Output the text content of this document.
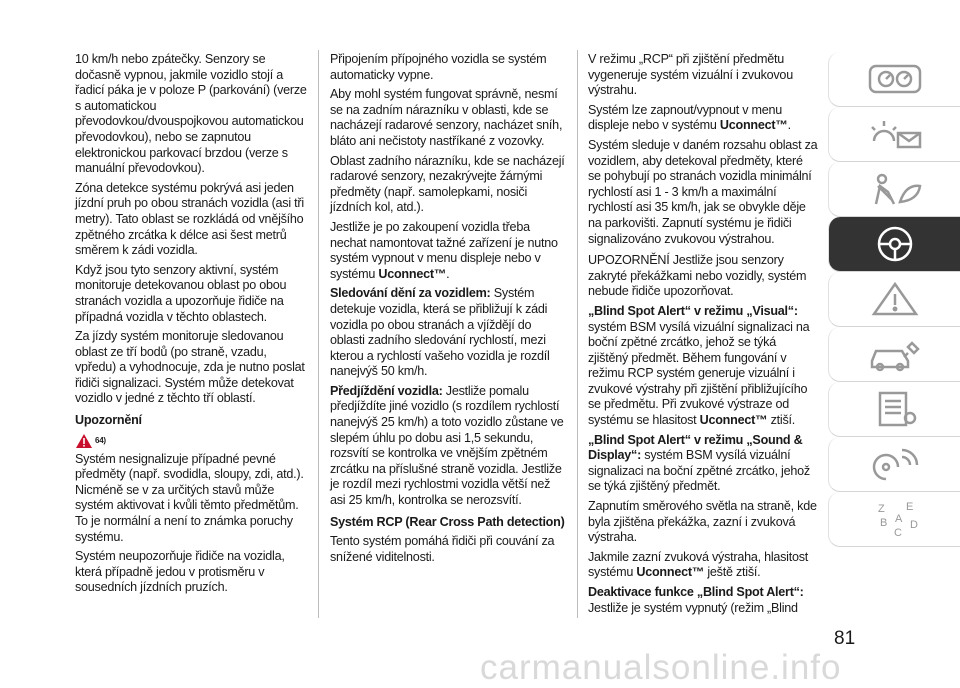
10 km/h nebo zpátečky. Senzory se dočasně vypnou, jakmile vozidlo stojí a řadicí páka je v poloze P (parkování) (verze s automatickou převodovkou/dvouspojkovou automatickou převodovkou), nebo se zapnutou elektronickou parkovací brzdou (verze s manuální převodovkou).

Zóna detekce systému pokrývá asi jeden jízdní pruh po obou stranách vozidla (asi tři metry). Tato oblast se rozkládá od vnějšího zpětného zrcátka k délce asi šest metrů směrem k zádi vozidla.

Když jsou tyto senzory aktivní, systém monitoruje detekovanou oblast po obou stranách vozidla a upozorňuje řidiče na případná vozidla v těchto oblastech.

Za jízdy systém monitoruje sledovanou oblast ze tří bodů (po straně, vzadu, vpředu) a vyhodnocuje, zda je nutno poslat řidiči signalizaci. Systém může detekovat vozidlo v jedné z těchto tří oblastí.

Upozornění

64)

Systém nesignalizuje případné pevné předměty (např. svodidla, sloupy, zdi, atd.). Nicméně se v za určitých stavů může systém aktivovat i kvůli těmto předmětům. To je normální a není to známka poruchy systému.

Systém neupozorňuje řidiče na vozidla, která případně jedou v protisměru v sousedních jízdních pruzích.

Připojením přípojného vozidla se systém automaticky vypne.

Aby mohl systém fungovat správně, nesmí se na zadním nárazníku v oblasti, kde se nacházejí radarové senzory, nacházet sníh, bláto ani nečistoty nastříkané z vozovky.

Oblast zadního nárazníku, kde se nacházejí radarové senzory, nezakrývejte žárnými předměty (např. samolepkami, nosiči jízdních kol, atd.).

Jestliže je po zakoupení vozidla třeba nechat namontovat tažné zařízení je nutno systém vypnout v menu displeje nebo v systému Uconnect™.

Sledování dění za vozidlem: Systém detekuje vozidla, která se přibližují k zádi vozidla po obou stranách a vjíždějí do oblasti zadního sledování rychlostí, mezi kterou a rychlostí vašeho vozidla je rozdíl nanejvýš 50 km/h.

Předjíždění vozidla: Jestliže pomalu předjíždíte jiné vozidlo (s rozdílem rychlostí nanejvýš 25 km/h) a toto vozidlo zůstane ve slepém úhlu po dobu asi 1,5 sekundu, rozsvítí se kontrolka ve vnějším zpětném zrcátku na příslušné straně vozidla. Jestliže je rozdíl mezi rychlostmi vozidla větší než asi 25 km/h, kontrolka se nerozsvítí.

Systém RCP (Rear Cross Path detection)

Tento systém pomáhá řidiči při couvání za snížené viditelnosti.

V režimu „RCP“ při zjištění předmětu vygeneruje systém vizuální i zvukovou výstrahu.

Systém lze zapnout/vypnout v menu displeje nebo v systému Uconnect™.

Systém sleduje v daném rozsahu oblast za vozidlem, aby detekoval předměty, které se pohybují po stranách vozidla minimální rychlostí asi 1 - 3 km/h a maximální rychlostí asi 35 km/h, jak se obvykle děje na parkovišti. Zapnutí systému je řidiči signalizováno zvukovou výstrahou.

UPOZORNĚNÍ Jestliže jsou senzory zakryté překážkami nebo vozidly, systém nebude řidiče upozorňovat.

„Blind Spot Alert“ v režimu „Visual“: systém BSM vysílá vizuální signalizaci na boční zpětné zrcátko, jehož se týká zjištěný předmět. Během fungování v režimu RCP systém generuje vizuální i zvukové výstrahy při zjištění přibližujícího se předmětu. Při zvukové výstraze od systému se hlasitost Uconnect™ ztiší.

„Blind Spot Alert“ v režimu „Sound & Display“: systém BSM vysílá vizuální signalizaci na boční zpětné zrcátko, jehož se týká zjištěný předmět.

Zapnutím směrového světla na straně, kde byla zjištěna překážka, zazní i zvuková výstraha.

Jakmile zazní zvuková výstraha, hlasitost systému Uconnect™ ještě ztiší.

Deaktivace funkce „Blind Spot Alert“:

Jestliže je systém vypnutý (režim „Blind

Z E
B
C
D
A
81
carmanualsonline.info
